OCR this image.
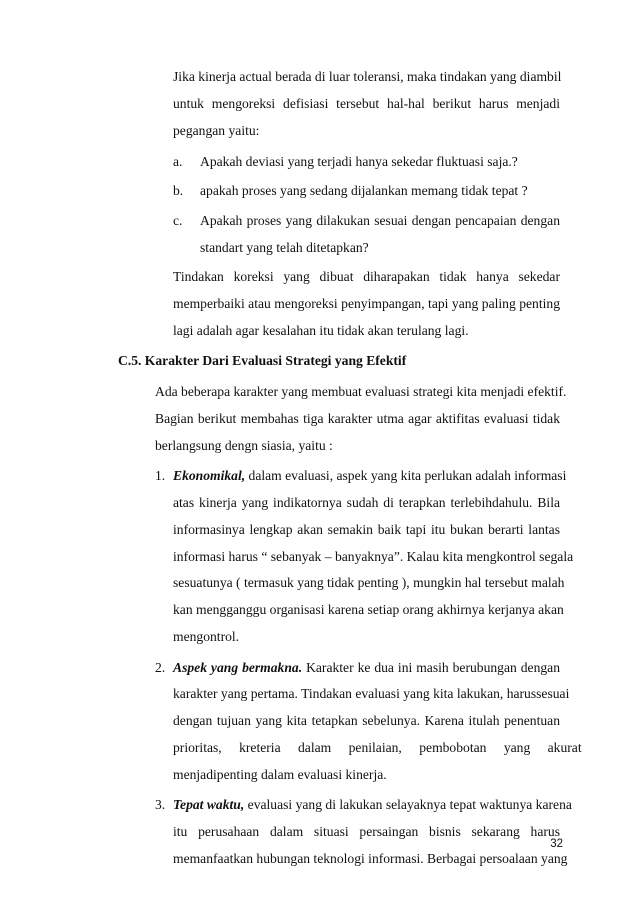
Jika kinerja actual berada di luar toleransi, maka tindakan yang diambil
untuk mengoreksi defisiasi tersebut hal-hal berikut harus menjadi
pegangan yaitu:
a. Apakah deviasi yang terjadi hanya sekedar fluktuasi saja.?
b. apakah proses yang sedang dijalankan memang tidak tepat ?
c. Apakah proses yang dilakukan sesuai dengan pencapaian dengan
standart yang telah ditetapkan?
Tindakan koreksi yang dibuat diharapakan tidak hanya sekedar
memperbaiki atau mengoreksi penyimpangan, tapi yang paling penting
lagi adalah agar kesalahan itu tidak akan terulang lagi.
C.5. Karakter Dari Evaluasi Strategi yang Efektif
Ada beberapa karakter yang membuat evaluasi strategi kita menjadi efektif.
Bagian berikut membahas tiga karakter utma agar aktifitas evaluasi tidak
berlangsung dengn siasia, yaitu :
1. Ekonomikal, dalam evaluasi, aspek yang kita perlukan adalah informasi
atas kinerja yang indikatornya sudah di terapkan terlebihdahulu. Bila
informasinya lengkap akan semakin baik tapi itu bukan berarti lantas
informasi harus “ sebanyak – banyaknya”. Kalau kita mengkontrol segala
sesuatunya ( termasuk yang tidak penting ), mungkin hal tersebut malah
kan mengganggu organisasi karena setiap orang akhirnya kerjanya akan
mengontrol.
2. Aspek yang bermakna. Karakter ke dua ini masih berubungan dengan
karakter yang pertama. Tindakan evaluasi yang kita lakukan, harussesuai
dengan tujuan yang kita tetapkan sebelunya. Karena itulah penentuan
prioritas, kreteria dalam penilaian, pembobotan yang akurat
menjadipenting dalam evaluasi kinerja.
3. Tepat waktu, evaluasi yang di lakukan selayaknya tepat waktunya karena
itu perusahaan dalam situasi persaingan bisnis sekarang harus
memanfaatkan hubungan teknologi informasi. Berbagai persoalaan yang
32
